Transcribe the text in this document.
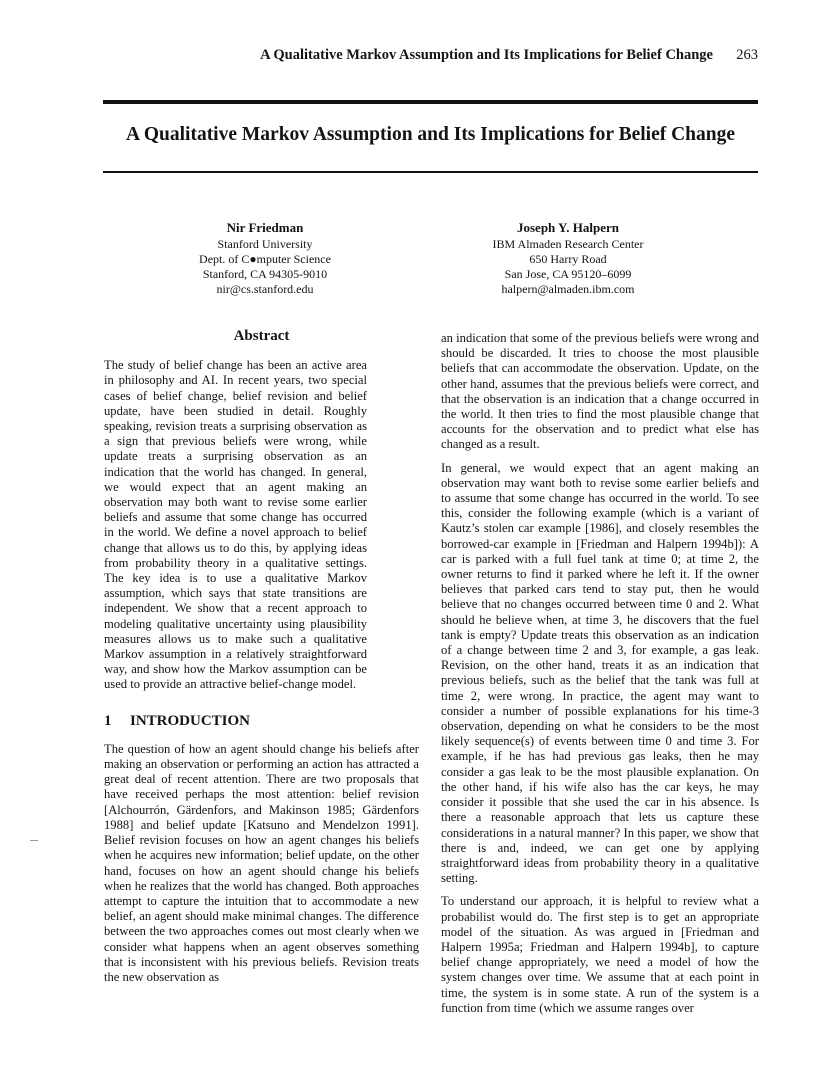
A Qualitative Markov Assumption and Its Implications for Belief Change 263
A Qualitative Markov Assumption and Its Implications for Belief Change
Nir Friedman
Stanford University
Dept. of C●mputer Science
Stanford, CA 94305-9010
nir@cs.stanford.edu
Joseph Y. Halpern
IBM Almaden Research Center
650 Harry Road
San Jose, CA 95120–6099
halpern@almaden.ibm.com
Abstract

The study of belief change has been an active area in philosophy and AI. In recent years, two special cases of belief change, belief revision and belief update, have been studied in detail. Roughly speaking, revision treats a surprising observation as a sign that previous beliefs were wrong, while update treats a surprising observation as an indication that the world has changed. In general, we would expect that an agent making an observation may both want to revise some earlier beliefs and assume that some change has occurred in the world. We define a novel approach to belief change that allows us to do this, by applying ideas from probability theory in a qualitative settings. The key idea is to use a qualitative Markov assumption, which says that state transitions are independent. We show that a recent approach to modeling qualitative uncertainty using plausibility measures allows us to make such a qualitative Markov assumption in a relatively straightforward way, and show how the Markov assumption can be used to provide an attractive belief-change model.

1 INTRODUCTION

The question of how an agent should change his beliefs after making an observation or performing an action has attracted a great deal of recent attention. There are two proposals that have received perhaps the most attention: belief revision [Alchourrón, Gärdenfors, and Makinson 1985; Gärdenfors 1988] and belief update [Katsuno and Mendelzon 1991]. Belief revision focuses on how an agent changes his beliefs when he acquires new information; belief update, on the other hand, focuses on how an agent should change his beliefs when he realizes that the world has changed. Both approaches attempt to capture the intuition that to accommodate a new belief, an agent should make minimal changes. The difference between the two approaches comes out most clearly when we consider what happens when an agent observes something that is inconsistent with his previous beliefs. Revision treats the new observation as

an indication that some of the previous beliefs were wrong and should be discarded. It tries to choose the most plausible beliefs that can accommodate the observation. Update, on the other hand, assumes that the previous beliefs were correct, and that the observation is an indication that a change occurred in the world. It then tries to find the most plausible change that accounts for the observation and to predict what else has changed as a result.

In general, we would expect that an agent making an observation may want both to revise some earlier beliefs and to assume that some change has occurred in the world. To see this, consider the following example (which is a variant of Kautz’s stolen car example [1986], and closely resembles the borrowed-car example in [Friedman and Halpern 1994b]): A car is parked with a full fuel tank at time 0; at time 2, the owner returns to find it parked where he left it. If the owner believes that parked cars tend to stay put, then he would believe that no changes occurred between time 0 and 2. What should he believe when, at time 3, he discovers that the fuel tank is empty? Update treats this observation as an indication of a change between time 2 and 3, for example, a gas leak. Revision, on the other hand, treats it as an indication that previous beliefs, such as the belief that the tank was full at time 2, were wrong. In practice, the agent may want to consider a number of possible explanations for his time-3 observation, depending on what he considers to be the most likely sequence(s) of events between time 0 and time 3. For example, if he has had previous gas leaks, then he may consider a gas leak to be the most plausible explanation. On the other hand, if his wife also has the car keys, he may consider it possible that she used the car in his absence. Is there a reasonable approach that lets us capture these considerations in a natural manner? In this paper, we show that there is and, indeed, we can get one by applying straightforward ideas from probability theory in a qualitative setting.

To understand our approach, it is helpful to review what a probabilist would do. The first step is to get an appropriate model of the situation. As was argued in [Friedman and Halpern 1995a; Friedman and Halpern 1994b], to capture belief change appropriately, we need a model of how the system changes over time. We assume that at each point in time, the system is in some state. A run of the system is a function from time (which we assume ranges over
